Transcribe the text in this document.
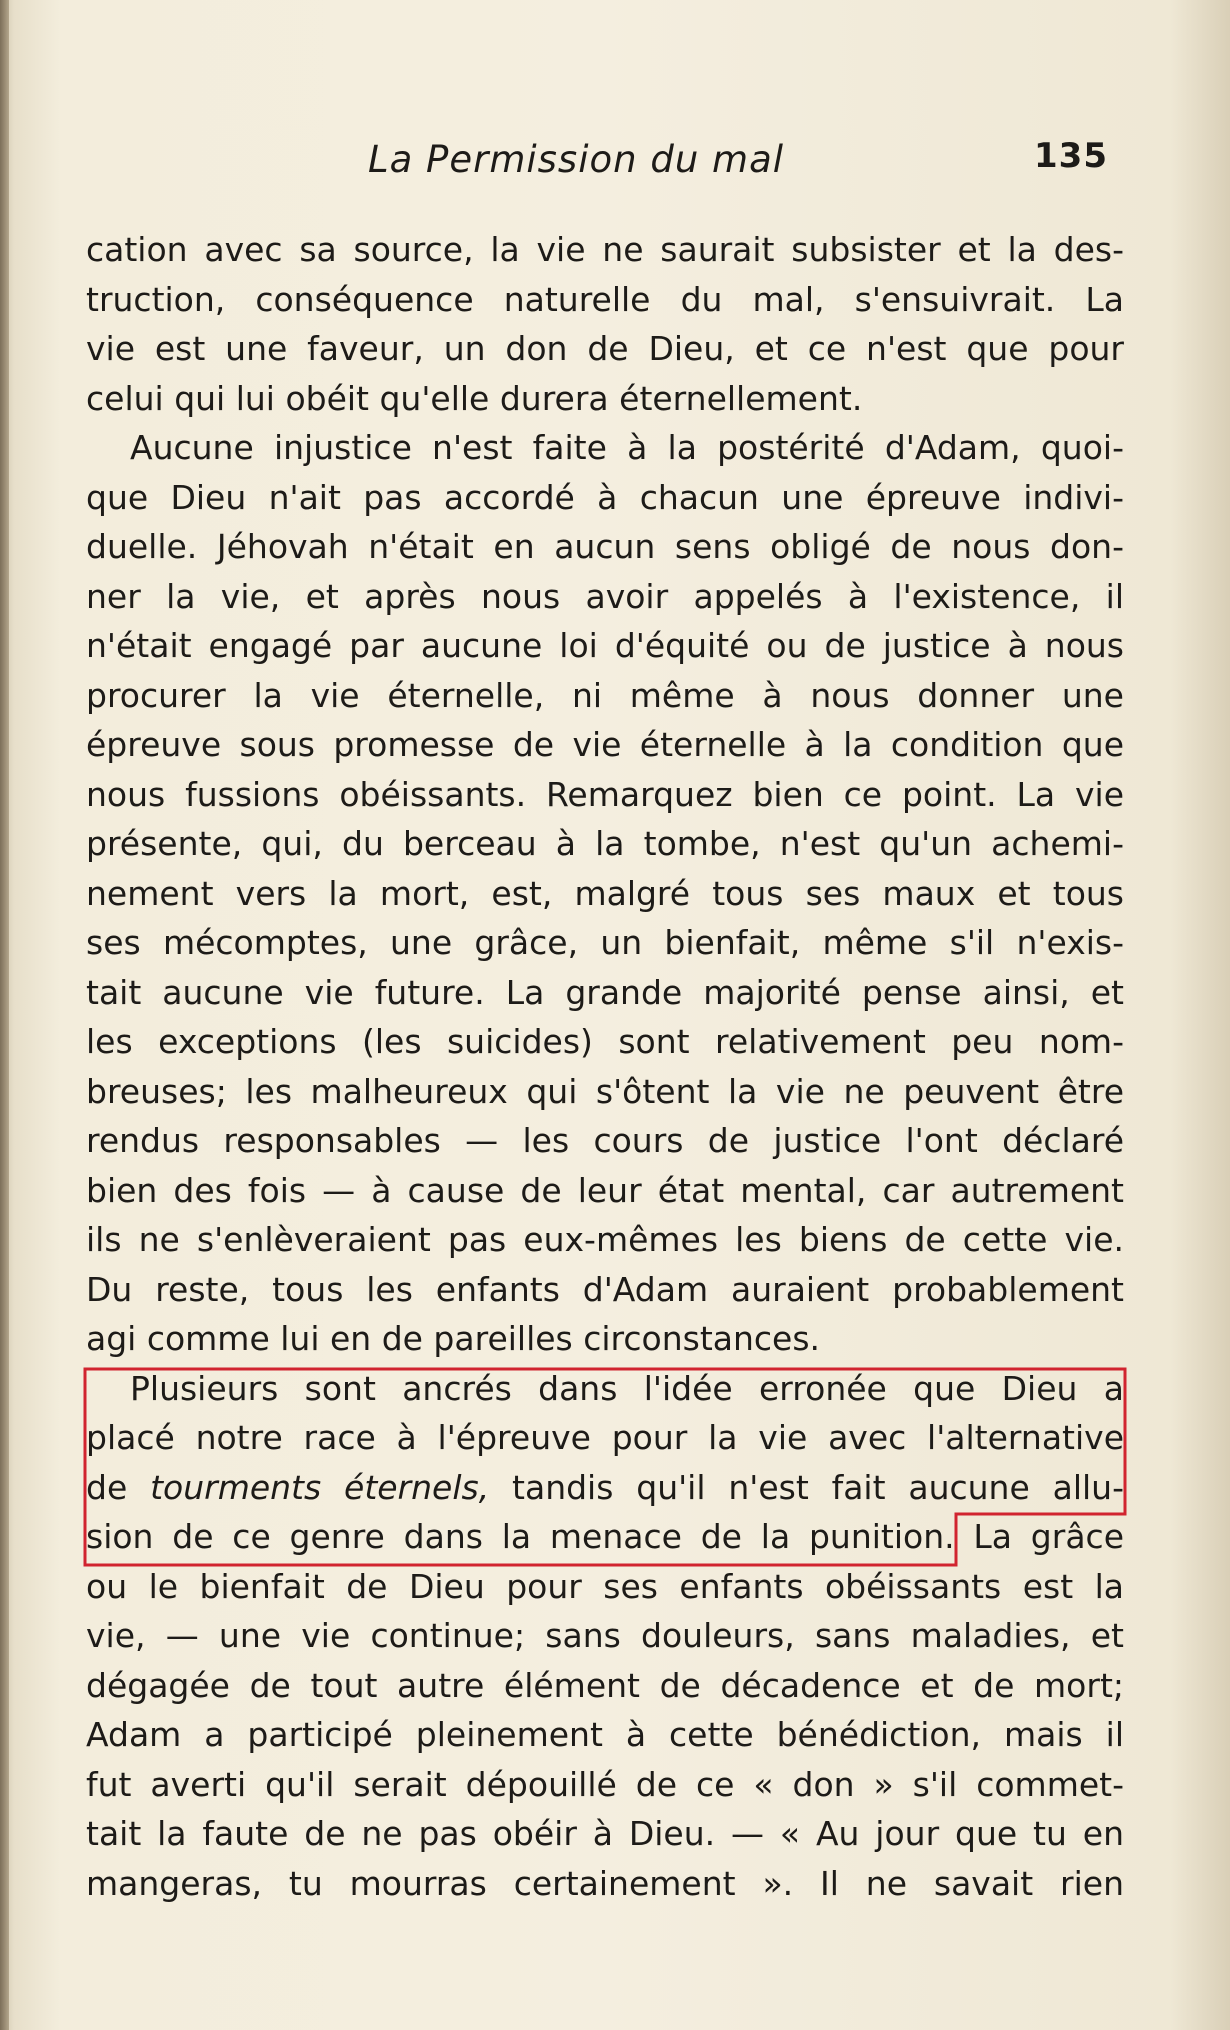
La Permission du mal	135
cation avec sa source, la vie ne saurait subsister et la des-
truction, conséquence naturelle du mal, s'ensuivrait. La
vie est une faveur, un don de Dieu, et ce n'est que pour
celui qui lui obéit qu'elle durera éternellement.
Aucune injustice n'est faite à la postérité d'Adam, quoi-
que Dieu n'ait pas accordé à chacun une épreuve indivi-
duelle. Jéhovah n'était en aucun sens obligé de nous don-
ner la vie, et après nous avoir appelés à l'existence, il
n'était engagé par aucune loi d'équité ou de justice à nous
procurer la vie éternelle, ni même à nous donner une
épreuve sous promesse de vie éternelle à la condition que
nous fussions obéissants. Remarquez bien ce point. La vie
présente, qui, du berceau à la tombe, n'est qu'un achemi-
nement vers la mort, est, malgré tous ses maux et tous
ses mécomptes, une grâce, un bienfait, même s'il n'exis-
tait aucune vie future. La grande majorité pense ainsi, et
les exceptions (les suicides) sont relativement peu nom-
breuses; les malheureux qui s'ôtent la vie ne peuvent être
rendus responsables — les cours de justice l'ont déclaré
bien des fois — à cause de leur état mental, car autrement
ils ne s'enlèveraient pas eux-mêmes les biens de cette vie.
Du reste, tous les enfants d'Adam auraient probablement
agi comme lui en de pareilles circonstances.
Plusieurs sont ancrés dans l'idée erronée que Dieu a
placé notre race à l'épreuve pour la vie avec l'alternative
de tourments éternels, tandis qu'il n'est fait aucune allu-
sion de ce genre dans la menace de la punition. La grâce
ou le bienfait de Dieu pour ses enfants obéissants est la
vie, — une vie continue; sans douleurs, sans maladies, et
dégagée de tout autre élément de décadence et de mort;
Adam a participé pleinement à cette bénédiction, mais il
fut averti qu'il serait dépouillé de ce « don » s'il commet-
tait la faute de ne pas obéir à Dieu. — « Au jour que tu en
mangeras, tu mourras certainement ». Il ne savait rien
